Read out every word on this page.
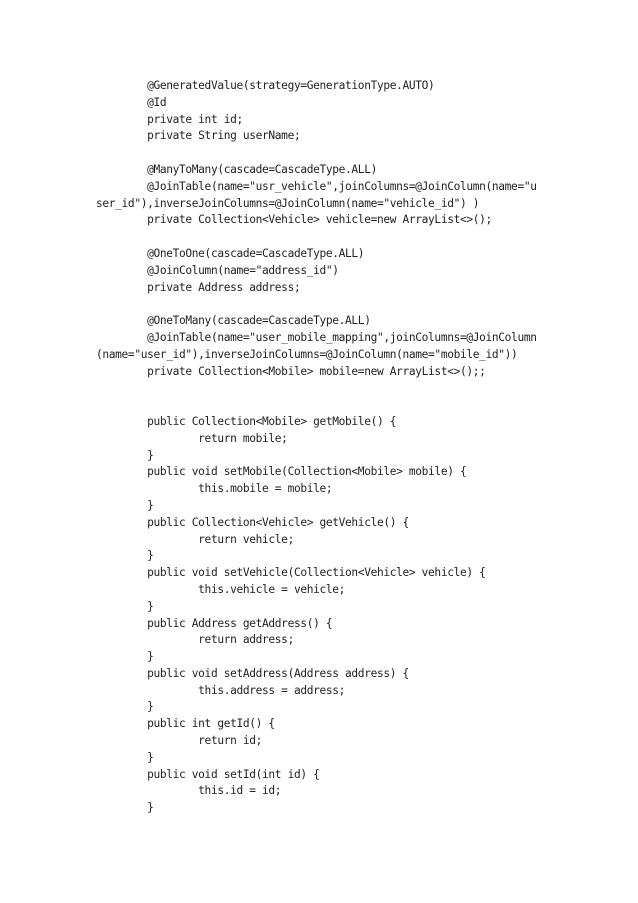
@GeneratedValue(strategy=GenerationType.AUTO)
@Id
private int id;
private String userName;
@ManyToMany(cascade=CascadeType.ALL)
@JoinTable(name="usr_vehicle",joinColumns=@JoinColumn(name="u
ser_id"),inverseJoinColumns=@JoinColumn(name="vehicle_id") )
private Collection<Vehicle> vehicle=new ArrayList<>();
@OneToOne(cascade=CascadeType.ALL)
@JoinColumn(name="address_id")
private Address address;
@OneToMany(cascade=CascadeType.ALL)
@JoinTable(name="user_mobile_mapping",joinColumns=@JoinColumn
(name="user_id"),inverseJoinColumns=@JoinColumn(name="mobile_id"))
private Collection<Mobile> mobile=new ArrayList<>();;
public Collection<Mobile> getMobile() {
return mobile;
}
public void setMobile(Collection<Mobile> mobile) {
this.mobile = mobile;
}
public Collection<Vehicle> getVehicle() {
return vehicle;
}
public void setVehicle(Collection<Vehicle> vehicle) {
this.vehicle = vehicle;
}
public Address getAddress() {
return address;
}
public void setAddress(Address address) {
this.address = address;
}
public int getId() {
return id;
}
public void setId(int id) {
this.id = id;
}
